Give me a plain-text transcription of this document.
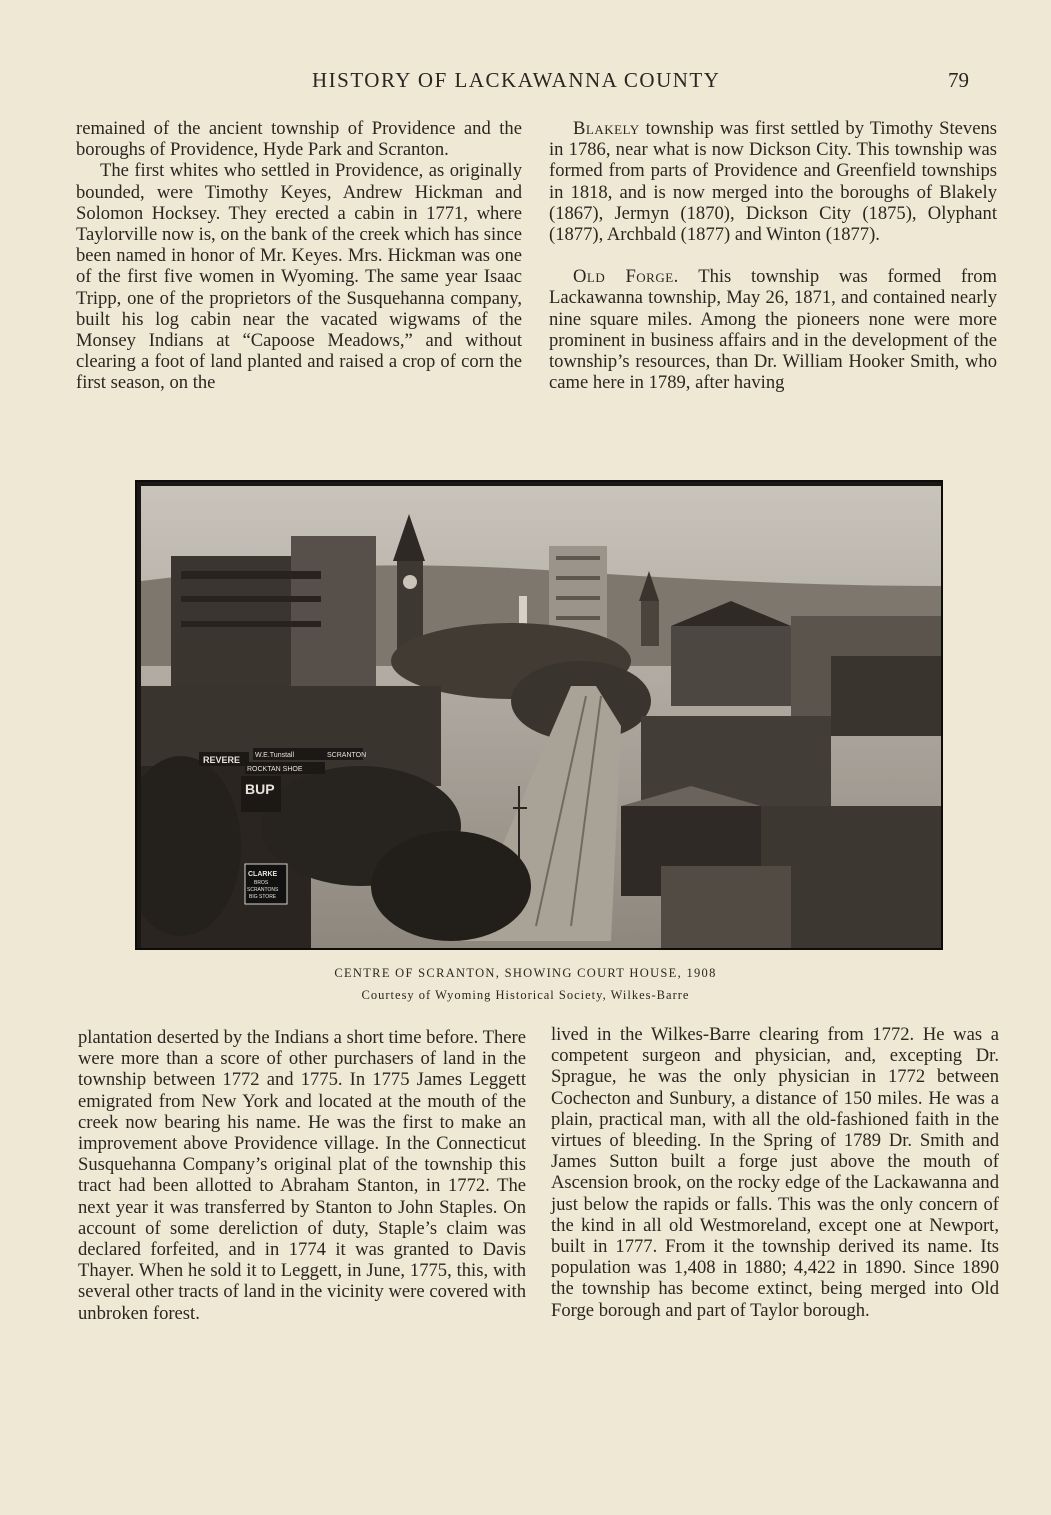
HISTORY OF LACKAWANNA COUNTY	79

remained of the ancient township of Providence and the boroughs of Providence, Hyde Park and Scranton.

The first whites who settled in Providence, as originally bounded, were Timothy Keyes, Andrew Hickman and Solomon Hocksey. They erected a cabin in 1771, where Taylorville now is, on the bank of the creek which has since been named in honor of Mr. Keyes. Mrs. Hickman was one of the first five women in Wyoming. The same year Isaac Tripp, one of the proprietors of the Susquehanna company, built his log cabin near the vacated wigwams of the Monsey Indians at “Capoose Meadows,” and without clearing a foot of land planted and raised a crop of corn the first season, on the

Blakely township was first settled by Timothy Stevens in 1786, near what is now Dickson City. This township was formed from parts of Providence and Greenfield townships in 1818, and is now merged into the boroughs of Blakely (1867), Jermyn (1870), Dickson City (1875), Olyphant (1877), Archbald (1877) and Winton (1877).

Old Forge. This township was formed from Lackawanna township, May 26, 1871, and contained nearly nine square miles. Among the pioneers none were more prominent in business affairs and in the development of the township’s resources, than Dr. William Hooker Smith, who came here in 1789, after having

REVERE W.E.Tunstall	SCRANTON
ROCKTAN SHOE
BUP
CLARKE
BROS
SCRANTONS
BIG STORE
CENTRE OF SCRANTON, SHOWING COURT HOUSE, 1908
Courtesy of Wyoming Historical Society, Wilkes-Barre

plantation deserted by the Indians a short time before. There were more than a score of other purchasers of land in the township between 1772 and 1775. In 1775 James Leggett emigrated from New York and located at the mouth of the creek now bearing his name. He was the first to make an improvement above Providence village. In the Connecticut Susquehanna Company’s original plat of the township this tract had been allotted to Abraham Stanton, in 1772. The next year it was transferred by Stanton to John Staples. On account of some dereliction of duty, Staple’s claim was declared forfeited, and in 1774 it was granted to Davis Thayer. When he sold it to Leggett, in June, 1775, this, with several other tracts of land in the vicinity were covered with unbroken forest.

lived in the Wilkes-Barre clearing from 1772. He was a competent surgeon and physician, and, excepting Dr. Sprague, he was the only physician in 1772 between Cochecton and Sunbury, a distance of 150 miles. He was a plain, practical man, with all the old-fashioned faith in the virtues of bleeding. In the Spring of 1789 Dr. Smith and James Sutton built a forge just above the mouth of Ascension brook, on the rocky edge of the Lackawanna and just below the rapids or falls. This was the only concern of the kind in all old Westmoreland, except one at Newport, built in 1777. From it the township derived its name. Its population was 1,408 in 1880; 4,422 in 1890. Since 1890 the township has become extinct, being merged into Old Forge borough and part of Taylor borough.
